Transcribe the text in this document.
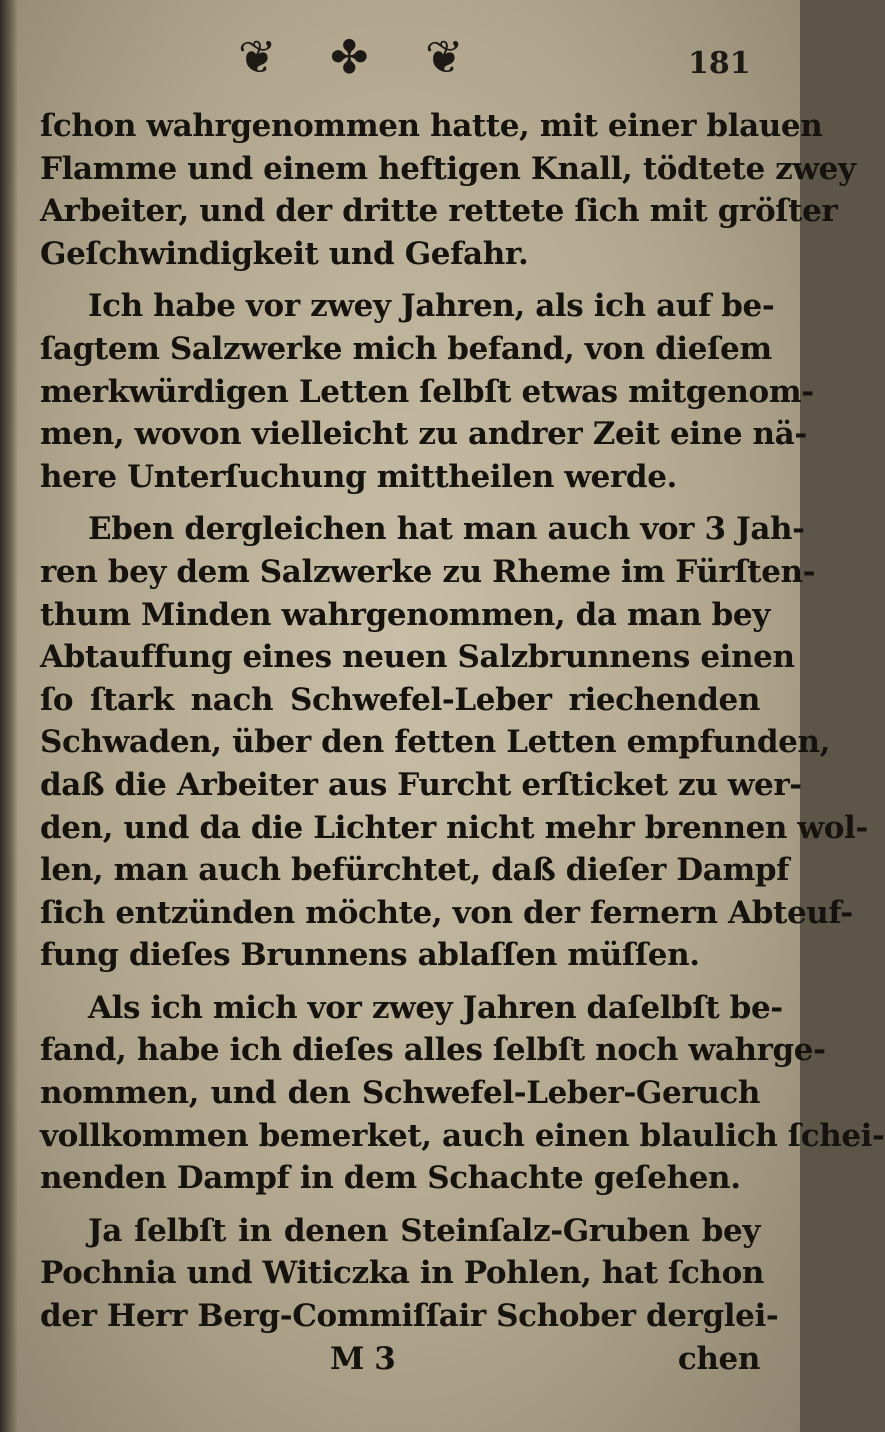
❦ ✤ ❦	181
ſchon wahrgenommen hatte, mit einer blauen
Flamme und einem heftigen Knall, tödtete zwey
Arbeiter, und der dritte rettete ſich mit gröſter
Geſchwindigkeit und Gefahr.
Ich habe vor zwey Jahren, als ich auf be-
ſagtem Salzwerke mich befand, von dieſem
merkwürdigen Letten ſelbſt etwas mitgenom-
men, wovon vielleicht zu andrer Zeit eine nä-
here Unterſuchung mittheilen werde.
Eben dergleichen hat man auch vor 3 Jah-
ren bey dem Salzwerke zu Rheme im Fürſten-
thum Minden wahrgenommen, da man bey
Abtauffung eines neuen Salzbrunnens einen
ſo ſtark nach Schwefel-Leber riechenden
Schwaden, über den fetten Letten empfunden,
daß die Arbeiter aus Furcht erſticket zu wer-
den, und da die Lichter nicht mehr brennen wol-
len, man auch befürchtet, daß dieſer Dampf
ſich entzünden möchte, von der fernern Abteuf-
fung dieſes Brunnens ablaſſen müſſen.
Als ich mich vor zwey Jahren daſelbſt be-
fand, habe ich dieſes alles ſelbſt noch wahrge-
nommen, und den Schwefel-Leber-Geruch
vollkommen bemerket, auch einen blaulich ſchei-
nenden Dampf in dem Schachte geſehen.
Ja ſelbſt in denen Steinſalz-Gruben bey
Pochnia und Witiczka in Pohlen, hat ſchon
der Herr Berg-Commiſſair Schober derglei-
M 3	chen
